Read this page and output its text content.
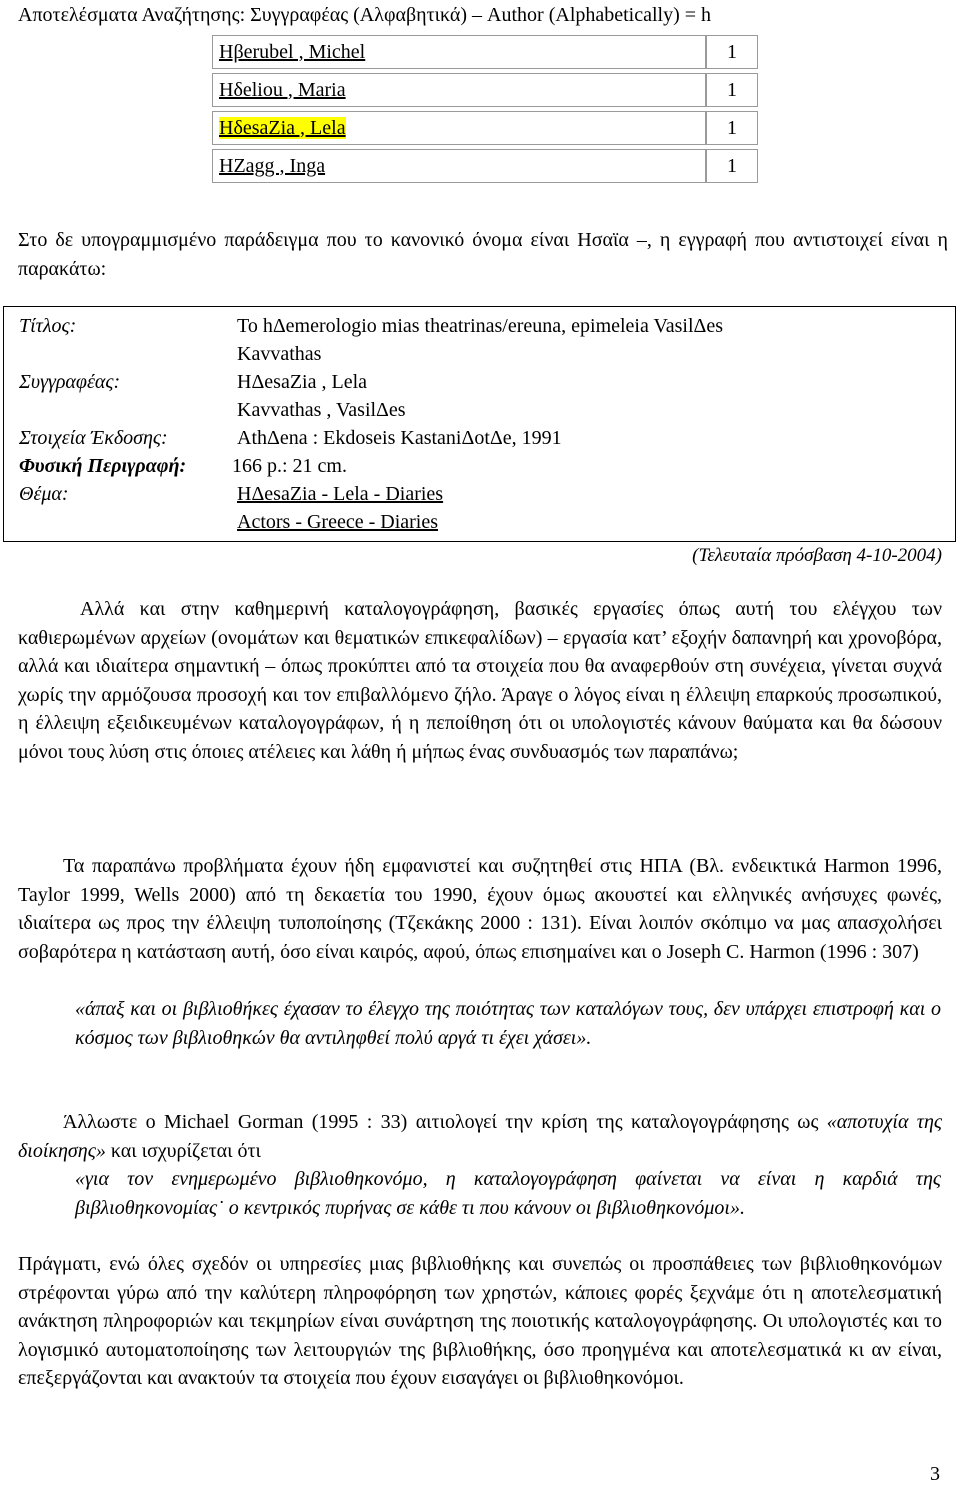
Αποτελέσματα Αναζήτησης: Συγγραφέας (Αλφαβητικά) – Author (Alphabetically) = h
Ηβerubel , Michel	1
Ηδeliou , Maria	1
ΗδesaZia , Lela	1
HZagg , Inga	1
Στο δε υπογραμμισμένο παράδειγμα που το κανονικό όνομα είναι Ησαϊα –, η εγγραφή που αντιστοιχεί είναι η παρακάτω:
Τίτλος:	To hΔemerologio mias theatrinas/ereuna, epimeleia VasilΔes
Kavvathas
Συγγραφέας:	ΗΔesaZia , Lela
Kavvathas , VasilΔes
Στοιχεία Έκδοσης:	AthΔena : Ekdoseis KastaniΔotΔe, 1991
Φυσική Περιγραφή: 166 p.: 21 cm.
Θέμα:	ΗΔesaZia - Lela - Diaries
Actors - Greece - Diaries
(Τελευταία πρόσβαση 4-10-2004)
Αλλά και στην καθημερινή καταλογογράφηση, βασικές εργασίες όπως αυτή του ελέγχου των καθιερωμένων αρχείων (ονομάτων και θεματικών επικεφαλίδων) – εργασία κατ’ εξοχήν δαπανηρή και χρονοβόρα, αλλά και ιδιαίτερα σημαντική – όπως προκύπτει από τα στοιχεία που θα αναφερθούν στη συνέχεια, γίνεται συχνά χωρίς την αρμόζουσα προσοχή και τον επιβαλλόμενο ζήλο. Άραγε ο λόγος είναι η έλλειψη επαρκούς προσωπικού, η έλλειψη εξειδικευμένων καταλογογράφων, ή η πεποίθηση ότι οι υπολογιστές κάνουν θαύματα και θα δώσουν μόνοι τους λύση στις όποιες ατέλειες και λάθη ή μήπως ένας συνδυασμός των παραπάνω;
Τα παραπάνω προβλήματα έχουν ήδη εμφανιστεί και συζητηθεί στις ΗΠΑ (Βλ. ενδεικτικά Harmon 1996, Taylor 1999, Wells 2000) από τη δεκαετία του 1990, έχουν όμως ακουστεί και ελληνικές ανήσυχες φωνές, ιδιαίτερα ως προς την έλλειψη τυποποίησης (Τζεκάκης 2000 : 131). Είναι λοιπόν σκόπιμο να μας απασχολήσει σοβαρότερα η κατάσταση αυτή, όσο είναι καιρός, αφού, όπως επισημαίνει και ο Joseph C. Harmon (1996 : 307)
«άπαξ και οι βιβλιοθήκες έχασαν το έλεγχο της ποιότητας των καταλόγων τους, δεν υπάρχει επιστροφή και ο κόσμος των βιβλιοθηκών θα αντιληφθεί πολύ αργά τι έχει χάσει».
Άλλωστε ο Michael Gorman (1995 : 33) αιτιολογεί την κρίση της καταλογογράφησης ως «αποτυχία της διοίκησης» και ισχυρίζεται ότι
«για τον ενημερωμένο βιβλιοθηκονόμο, η καταλογογράφηση φαίνεται να είναι η καρδιά της βιβλιοθηκονομίας˙ ο κεντρικός πυρήνας σε κάθε τι που κάνουν οι βιβλιοθηκονόμοι».
Πράγματι, ενώ όλες σχεδόν οι υπηρεσίες μιας βιβλιοθήκης και συνεπώς οι προσπάθειες των βιβλιοθηκονόμων στρέφονται γύρω από την καλύτερη πληροφόρηση των χρηστών, κάποιες φορές ξεχνάμε ότι η αποτελεσματική ανάκτηση πληροφοριών και τεκμηρίων είναι συνάρτηση της ποιοτικής καταλογογράφησης. Οι υπολογιστές και το λογισμικό αυτοματοποίησης των λειτουργιών της βιβλιοθήκης, όσο προηγμένα και αποτελεσματικά κι αν είναι, επεξεργάζονται και ανακτούν τα στοιχεία που έχουν εισαγάγει οι βιβλιοθηκονόμοι.
3
